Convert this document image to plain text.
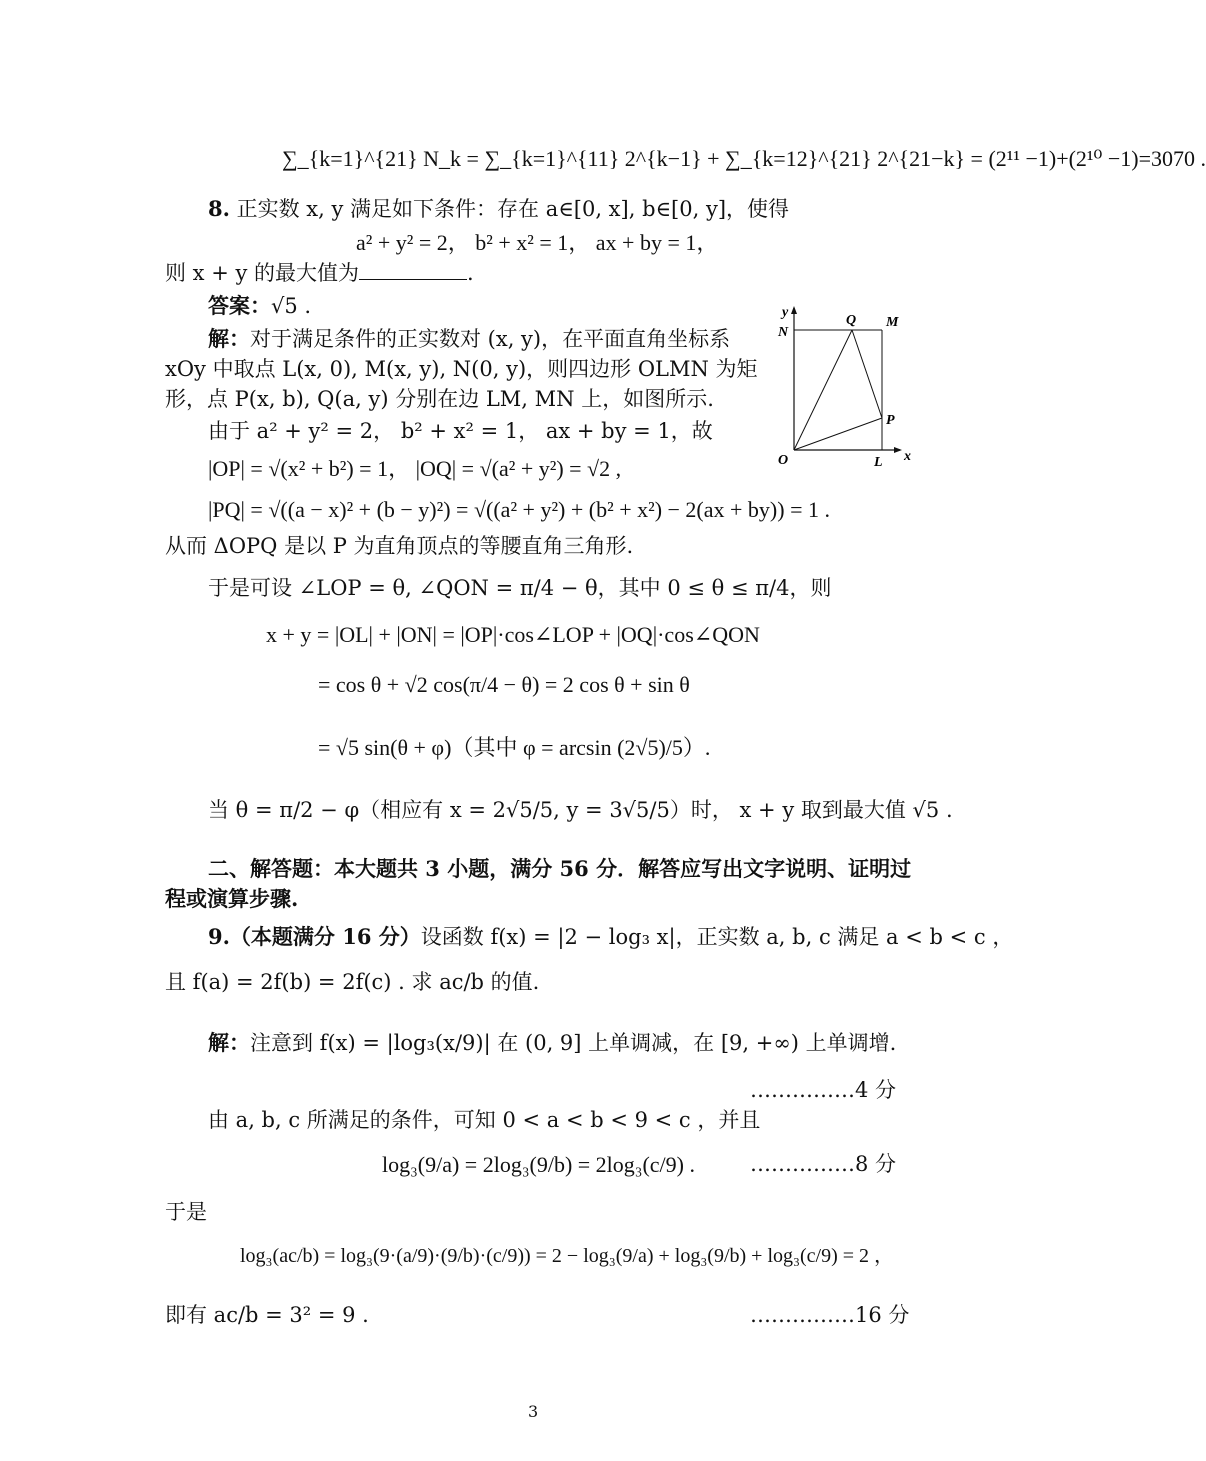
∑_{k=1}^{21} N_k = ∑_{k=1}^{11} 2^{k−1} + ∑_{k=12}^{21} 2^{21−k} = (2¹¹ −1)+(2¹⁰ −1)=3070 .
8. 正实数 x, y 满足如下条件：存在 a∈[0, x], b∈[0, y]，使得
a² + y² = 2， b² + x² = 1， ax + by = 1，
则 x + y 的最大值为	.
答案：√5 .
解：对于满足条件的正实数对 (x, y)，在平面直角坐标系
xOy 中取点 L(x, 0), M(x, y), N(0, y)，则四边形 OLMN 为矩
形，点 P(x, b), Q(a, y) 分别在边 LM, MN 上，如图所示.
由于 a² + y² = 2， b² + x² = 1， ax + by = 1，故
|OP| = √(x² + b²) = 1， |OQ| = √(a² + y²) = √2 ,
|PQ| = √((a − x)² + (b − y)²) = √((a² + y²) + (b² + x²) − 2(ax + by)) = 1 .
从而 ΔOPQ 是以 P 为直角顶点的等腰直角三角形.
于是可设 ∠LOP = θ, ∠QON = π/4 − θ，其中 0 ≤ θ ≤ π/4，则
x + y = |OL| + |ON| = |OP|·cos∠LOP + |OQ|·cos∠QON
= cos θ + √2 cos(π/4 − θ) = 2 cos θ + sin θ
= √5 sin(θ + φ)（其中 φ = arcsin (2√5)/5）.
当 θ = π/2 − φ（相应有 x = 2√5/5, y = 3√5/5）时， x + y 取到最大值 √5 .
二、解答题：本大题共 3 小题，满分 56 分．解答应写出文字说明、证明过
程或演算步骤.
9.（本题满分 16 分）设函数 f(x) = |2 − log₃ x|，正实数 a, b, c 满足 a < b < c ，
且 f(a) = 2f(b) = 2f(c) . 求 ac/b 的值.
解：注意到 f(x) = |log₃(x/9)| 在 (0, 9] 上单调减，在 [9, +∞) 上单调增.
……………4 分
由 a, b, c 所满足的条件，可知 0 < a < b < 9 < c ，并且
log₃(9/a) = 2log₃(9/b) = 2log₃(c/9) .	……………8 分
于是
log₃(ac/b) = log₃(9·(a/9)·(9/b)·(c/9)) = 2 − log₃(9/a) + log₃(9/b) + log₃(c/9) = 2 ，
即有 ac/b = 3² = 9 .	……………16 分
y
x
N
Q M
P
O	L
3
